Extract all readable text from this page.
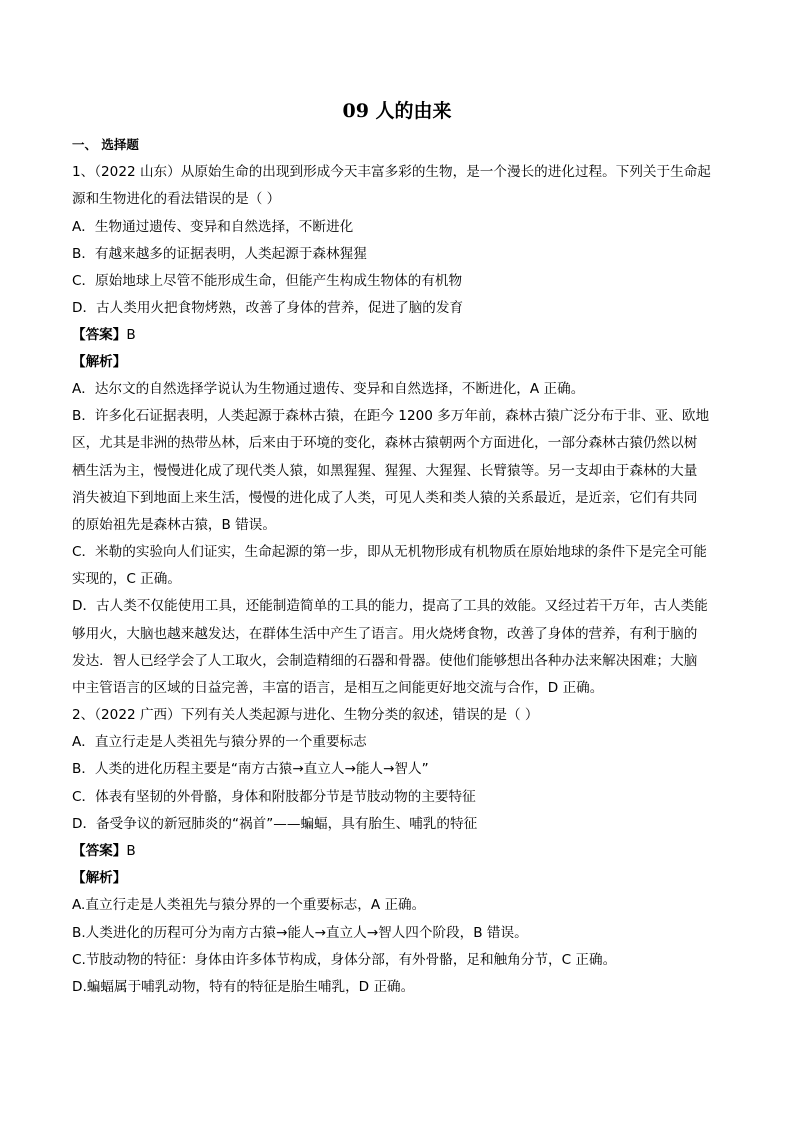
09 人的由来
一、 选择题
1、（2022 山东）从原始生命的出现到形成今天丰富多彩的生物，是一个漫长的进化过程。下列关于生命起
源和生物进化的看法错误的是（ ）
A．生物通过遗传、变异和自然选择，不断进化
B．有越来越多的证据表明，人类起源于森林猩猩
C．原始地球上尽管不能形成生命，但能产生构成生物体的有机物
D．古人类用火把食物烤熟，改善了身体的营养，促进了脑的发育
【答案】B
【解析】
A．达尔文的自然选择学说认为生物通过遗传、变异和自然选择，不断进化，A 正确。
B．许多化石证据表明，人类起源于森林古猿，在距今 1200 多万年前，森林古猿广泛分布于非、亚、欧地
区，尤其是非洲的热带丛林，后来由于环境的变化，森林古猿朝两个方面进化，一部分森林古猿仍然以树
栖生活为主，慢慢进化成了现代类人猿，如黑猩猩、猩猩、大猩猩、长臂猿等。另一支却由于森林的大量
消失被迫下到地面上来生活，慢慢的进化成了人类，可见人类和类人猿的关系最近，是近亲，它们有共同
的原始祖先是森林古猿，B 错误。
C．米勒的实验向人们证实，生命起源的第一步，即从无机物形成有机物质在原始地球的条件下是完全可能
实现的，C 正确。
D．古人类不仅能使用工具，还能制造简单的工具的能力，提高了工具的效能。又经过若干万年，古人类能
够用火，大脑也越来越发达，在群体生活中产生了语言。用火烧烤食物，改善了身体的营养，有利于脑的
发达．智人已经学会了人工取火，会制造精细的石器和骨器。使他们能够想出各种办法来解决困难；大脑
中主管语言的区域的日益完善，丰富的语言，是相互之间能更好地交流与合作，D 正确。
2、（2022 广西）下列有关人类起源与进化、生物分类的叙述，错误的是（ ）
A．直立行走是人类祖先与猿分界的一个重要标志
B．人类的进化历程主要是“南方古猿→直立人→能人→智人”
C．体表有坚韧的外骨骼，身体和附肢都分节是节肢动物的主要特征
D．备受争议的新冠肺炎的“祸首”——蝙蝠，具有胎生、哺乳的特征
【答案】B
【解析】
A.直立行走是人类祖先与猿分界的一个重要标志，A 正确。
B.人类进化的历程可分为南方古猿→能人→直立人→智人四个阶段，B 错误。
C.节肢动物的特征：身体由许多体节构成，身体分部，有外骨骼，足和触角分节，C 正确。
D.蝙蝠属于哺乳动物，特有的特征是胎生哺乳，D 正确。
